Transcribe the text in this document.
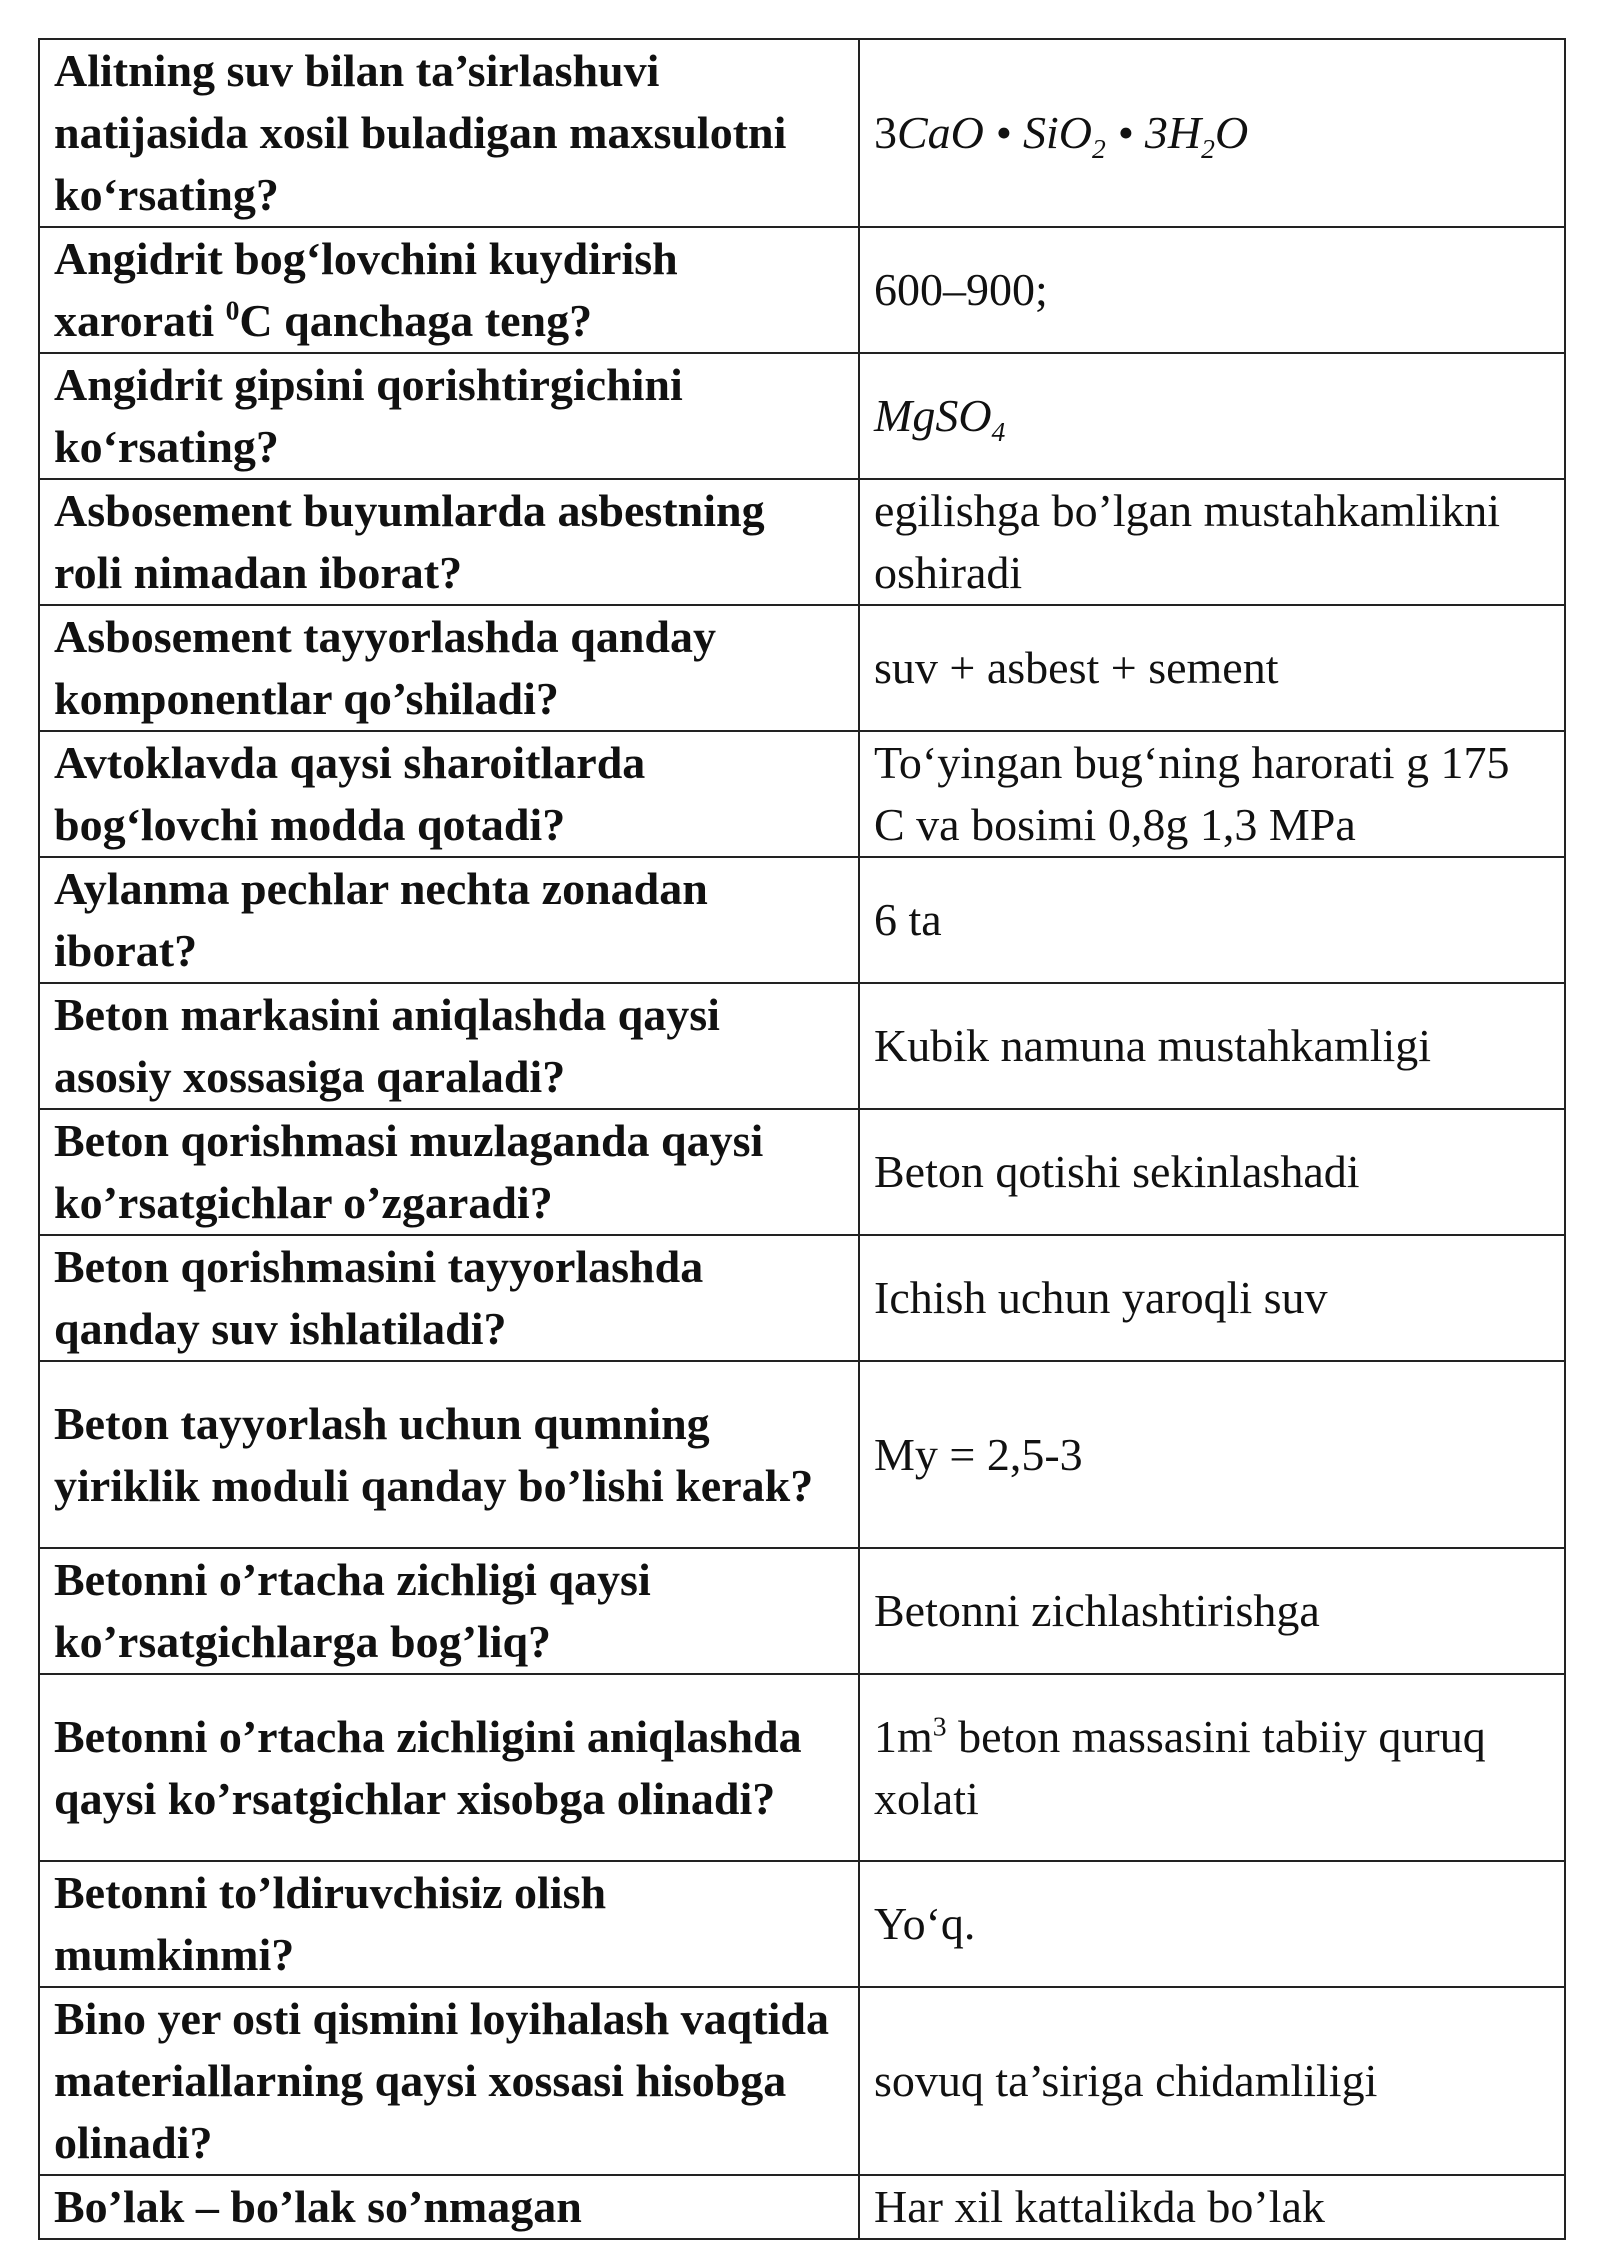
Alitning suv bilan ta’sirlashuvi natijasida xosil buladigan maxsulotni ko‘rsating?	3CaO • SiO$_2$ • $3H_2O$
Angidrit bog‘lovchini kuydirish xarorati $^0$C qanchaga teng?	600–900;
Angidrit gipsini qorishtirgichini ko‘rsating?	MgSO$_4$
Asbosement buyumlarda asbestning roli nimadan iborat?	egilishga bo’lgan mustahkamlikni oshiradi
Asbosement tayyorlashda qanday komponentlar qo’shiladi?	suv + asbest + sement
Avtoklavda qaysi sharoitlarda bog‘lovchi modda qotadi?	To‘yingan bug‘ning harorati g 175 C va bosimi 0,8g 1,3 MPa
Aylanma pechlar nechta zonadan iborat?	6 ta
Beton markasini aniqlashda qaysi asosiy xossasiga qaraladi?	Kubik namuna mustahkamligi
Beton qorishmasi muzlaganda qaysi ko’rsatgichlar o’zgaradi?	Beton qotishi sekinlashadi
Beton qorishmasini tayyorlashda qanday suv ishlatiladi?	Ichish uchun yaroqli suv
Beton tayyorlash uchun qumning yiriklik moduli qanday bo’lishi kerak?	My = 2,5-3
Betonni o’rtacha zichligi qaysi ko’rsatgichlarga bog’liq?	Betonni zichlashtirishga
Betonni o’rtacha zichligini aniqlashda qaysi ko’rsatgichlar xisobga olinadi?	$1m^3$ beton massasini tabiiy quruq xolati
Betonni to’ldiruvchisiz olish mumkinmi?	Yo‘q.
Bino yer osti qismini loyihalash vaqtida materiallarning qaysi xossasi hisobga olinadi?	sovuq ta’siriga chidamliligi
Bo’lak – bo’lak so’nmagan	Har xil kattalikda bo’lak
